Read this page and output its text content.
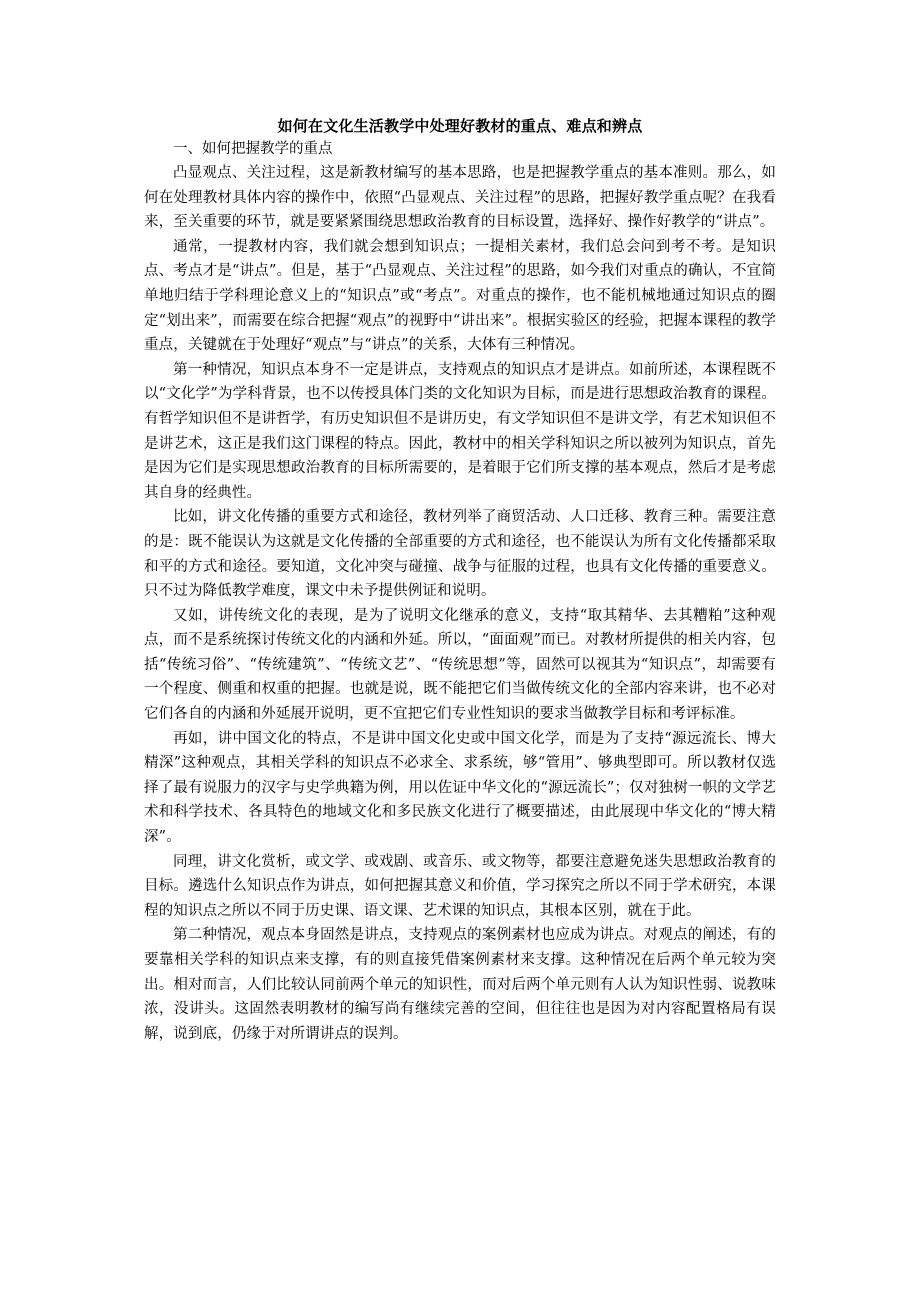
如何在文化生活教学中处理好教材的重点、难点和辨点

一、如何把握教学的重点

凸显观点、关注过程，这是新教材编写的基本思路，也是把握教学重点的基本准则。那么，如何在处理教材具体内容的操作中，依照“凸显观点、关注过程”的思路，把握好教学重点呢？在我看来，至关重要的环节，就是要紧紧围绕思想政治教育的目标设置，选择好、操作好教学的“讲点”。

通常，一提教材内容，我们就会想到知识点；一提相关素材，我们总会问到考不考。是知识点、考点才是“讲点”。但是，基于“凸显观点、关注过程”的思路，如今我们对重点的确认，不宜简单地归结于学科理论意义上的“知识点”或“考点”。对重点的操作，也不能机械地通过知识点的圈定“划出来”，而需要在综合把握“观点”的视野中“讲出来”。根据实验区的经验，把握本课程的教学重点，关键就在于处理好“观点”与“讲点”的关系，大体有三种情况。

第一种情况，知识点本身不一定是讲点，支持观点的知识点才是讲点。如前所述，本课程既不以“文化学”为学科背景，也不以传授具体门类的文化知识为目标，而是进行思想政治教育的课程。有哲学知识但不是讲哲学，有历史知识但不是讲历史，有文学知识但不是讲文学，有艺术知识但不是讲艺术，这正是我们这门课程的特点。因此，教材中的相关学科知识之所以被列为知识点，首先是因为它们是实现思想政治教育的目标所需要的，是着眼于它们所支撑的基本观点，然后才是考虑其自身的经典性。

比如，讲文化传播的重要方式和途径，教材列举了商贸活动、人口迁移、教育三种。需要注意的是：既不能误认为这就是文化传播的全部重要的方式和途径，也不能误认为所有文化传播都采取和平的方式和途径。要知道，文化冲突与碰撞、战争与征服的过程，也具有文化传播的重要意义。只不过为降低教学难度，课文中未予提供例证和说明。

又如，讲传统文化的表现，是为了说明文化继承的意义，支持“取其精华、去其糟粕”这种观点，而不是系统探讨传统文化的内涵和外延。所以，“面面观”而已。对教材所提供的相关内容，包括“传统习俗”、“传统建筑”、“传统文艺”、“传统思想”等，固然可以视其为“知识点”，却需要有一个程度、侧重和权重的把握。也就是说，既不能把它们当做传统文化的全部内容来讲，也不必对它们各自的内涵和外延展开说明，更不宜把它们专业性知识的要求当做教学目标和考评标准。

再如，讲中国文化的特点，不是讲中国文化史或中国文化学，而是为了支持“源远流长、博大精深”这种观点，其相关学科的知识点不必求全、求系统，够“管用”、够典型即可。所以教材仅选择了最有说服力的汉字与史学典籍为例，用以佐证中华文化的“源远流长”；仅对独树一帜的文学艺术和科学技术、各具特色的地域文化和多民族文化进行了概要描述，由此展现中华文化的“博大精深”。

同理，讲文化赏析，或文学、或戏剧、或音乐、或文物等，都要注意避免迷失思想政治教育的目标。遴选什么知识点作为讲点，如何把握其意义和价值，学习探究之所以不同于学术研究，本课程的知识点之所以不同于历史课、语文课、艺术课的知识点，其根本区别，就在于此。

第二种情况，观点本身固然是讲点，支持观点的案例素材也应成为讲点。对观点的阐述，有的要靠相关学科的知识点来支撑，有的则直接凭借案例素材来支撑。这种情况在后两个单元较为突出。相对而言，人们比较认同前两个单元的知识性，而对后两个单元则有人认为知识性弱、说教味浓，没讲头。这固然表明教材的编写尚有继续完善的空间，但往往也是因为对内容配置格局有误解，说到底，仍缘于对所谓讲点的误判。
